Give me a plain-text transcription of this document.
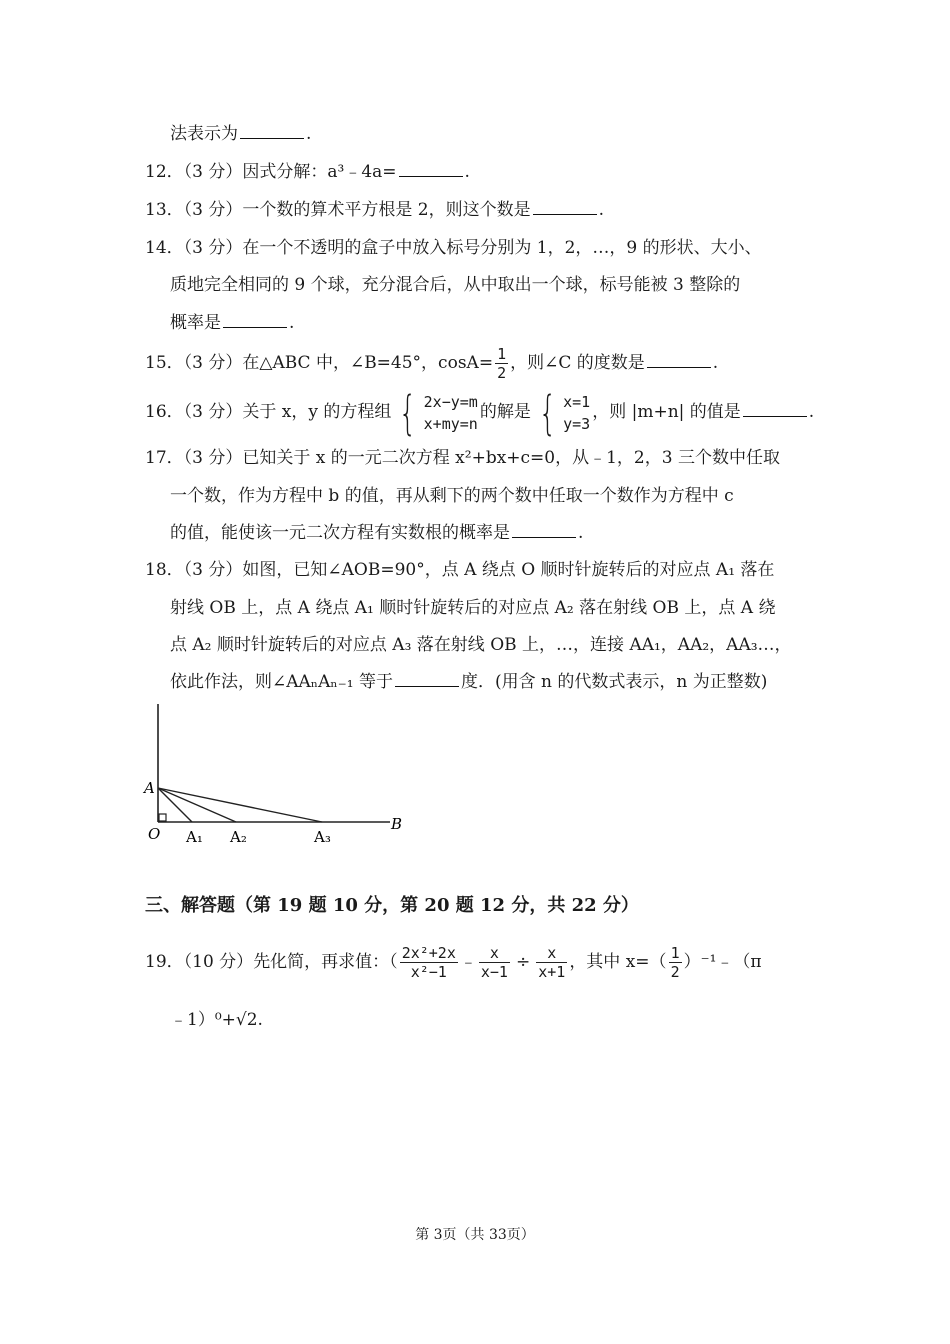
法表示为	.
12．（3 分）因式分解：a³﹣4a=	.
13．（3 分）一个数的算术平方根是 2，则这个数是	.
14．（3 分）在一个不透明的盒子中放入标号分别为 1，2，…，9 的形状、大小、
质地完全相同的 9 个球，充分混合后，从中取出一个球，标号能被 3 整除的
概率是	.
15．（3 分）在△ABC 中，∠B=45°，$\cos A= \frac{1}{2}$ ，则∠C 的度数是	.
16．（3 分）关于 x，y 的方程组 { 2x−y=m
x+my=n
的解是 { x=1
y=3
，则 |m+n| 的值是	.
17．（3 分）已知关于 x 的一元二次方程 x²+bx+c=0，从﹣1，2，3 三个数中任取
一个数，作为方程中 b 的值，再从剩下的两个数中任取一个数作为方程中 c
的值，能使该一元二次方程有实数根的概率是	.
18．（3 分）如图，已知∠AOB=90°，点 A 绕点 O 顺时针旋转后的对应点 A₁ 落在
射线 OB 上，点 A 绕点 A₁ 顺时针旋转后的对应点 A₂ 落在射线 OB 上，点 A 绕
点 A₂ 顺时针旋转后的对应点 A₃ 落在射线 OB 上，…，连接 AA₁，AA₂，AA₃…，
依此作法，则∠AAₙAₙ₋₁ 等于	度．(用含 n 的代数式表示，n 为正整数)
A
O
B
A₁ A₂	A₃
三、解答题（第 19 题 10 分，第 20 题 12 分，共 22 分）
19．（10 分）先化简，再求值：（ $\frac{\text{2x²+2x}}{\text{x²−1}}$ ﹣ $\frac{x}{x-1} \div \frac{x}{x+1}$ ，其中 $x=( \frac{1}{2}$ ）⁻¹﹣（π
﹣1）⁰+√2.
第 3页（共 33页）
